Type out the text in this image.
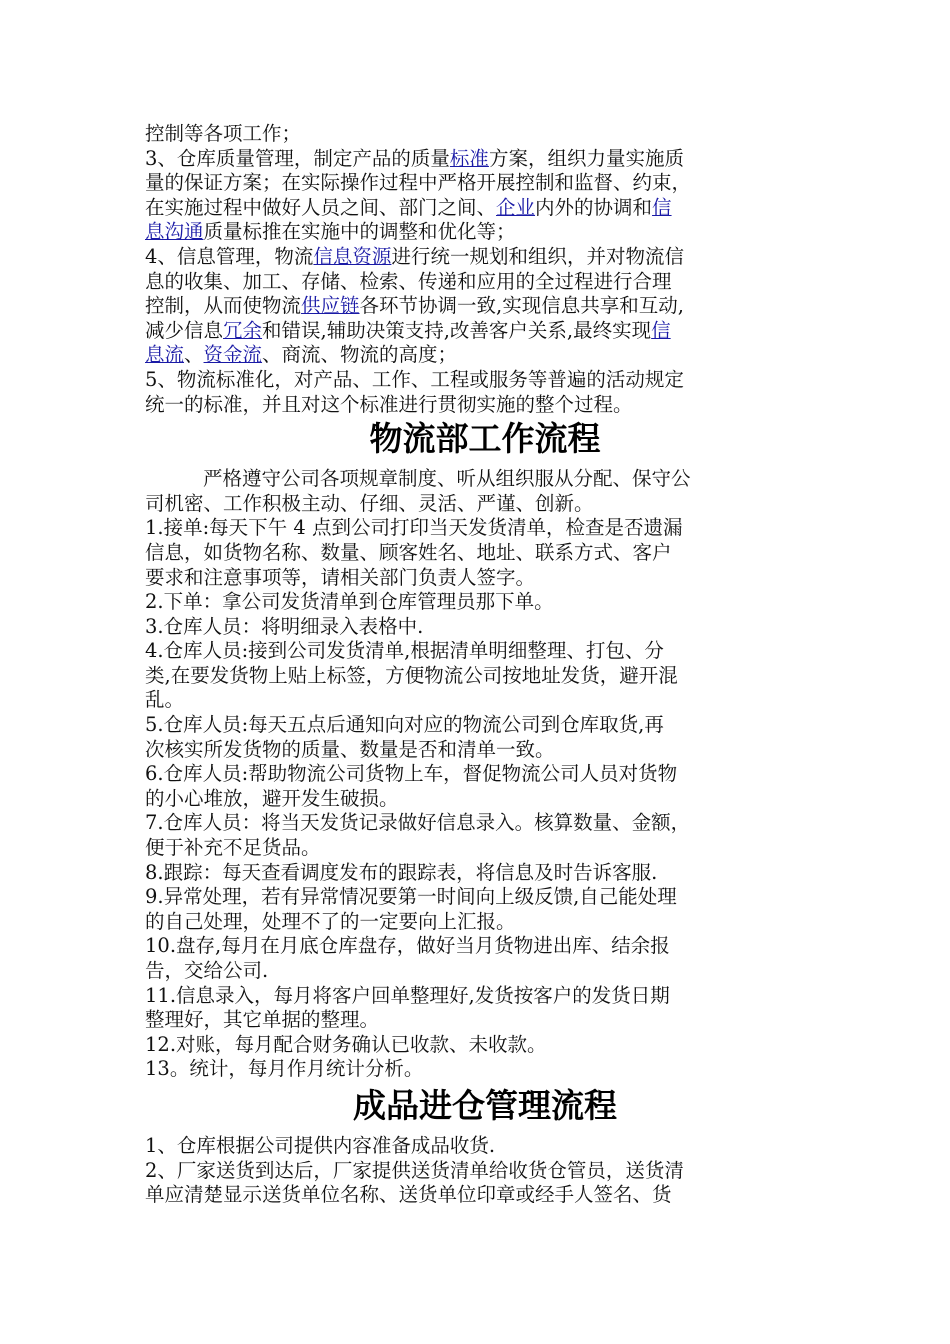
控制等各项工作；
3、仓库质量管理，制定产品的质量标准方案，组织力量实施质
量的保证方案；在实际操作过程中严格开展控制和监督、约束，
在实施过程中做好人员之间、部门之间、企业内外的协调和信
息沟通质量标推在实施中的调整和优化等；
4、信息管理，物流信息资源进行统一规划和组织，并对物流信
息的收集、加工、存储、检索、传递和应用的全过程进行合理
控制，从而使物流供应链各环节协调一致,实现信息共享和互动,
减少信息冗余和错误,辅助决策支持,改善客户关系,最终实现信
息流、资金流、商流、物流的高度；
5、物流标准化，对产品、工作、工程或服务等普遍的活动规定
统一的标准，并且对这个标准进行贯彻实施的整个过程。
物流部工作流程
严格遵守公司各项规章制度、听从组织服从分配、保守公
司机密、工作积极主动、仔细、灵活、严谨、创新。
1.接单:每天下午 4 点到公司打印当天发货清单，检查是否遗漏
信息，如货物名称、数量、顾客姓名、地址、联系方式、客户
要求和注意事项等，请相关部门负责人签字。
2.下单：拿公司发货清单到仓库管理员那下单。
3.仓库人员：将明细录入表格中.
4.仓库人员:接到公司发货清单,根据清单明细整理、打包、分
类,在要发货物上贴上标签，方便物流公司按地址发货，避开混
乱。
5.仓库人员:每天五点后通知向对应的物流公司到仓库取货,再
次核实所发货物的质量、数量是否和清单一致。
6.仓库人员:帮助物流公司货物上车，督促物流公司人员对货物
的小心堆放，避开发生破损。
7.仓库人员：将当天发货记录做好信息录入。核算数量、金额，
便于补充不足货品。
8.跟踪：每天查看调度发布的跟踪表，将信息及时告诉客服.
9.异常处理，若有异常情况要第一时间向上级反馈,自己能处理
的自己处理，处理不了的一定要向上汇报。
10.盘存,每月在月底仓库盘存，做好当月货物进出库、结余报
告，交给公司.
11.信息录入，每月将客户回单整理好,发货按客户的发货日期
整理好，其它单据的整理。
12.对账，每月配合财务确认已收款、未收款。
13。统计，每月作月统计分析。
成品进仓管理流程
1、仓库根据公司提供内容准备成品收货.
2、厂家送货到达后，厂家提供送货清单给收货仓管员，送货清
单应清楚显示送货单位名称、送货单位印章或经手人签名、货
